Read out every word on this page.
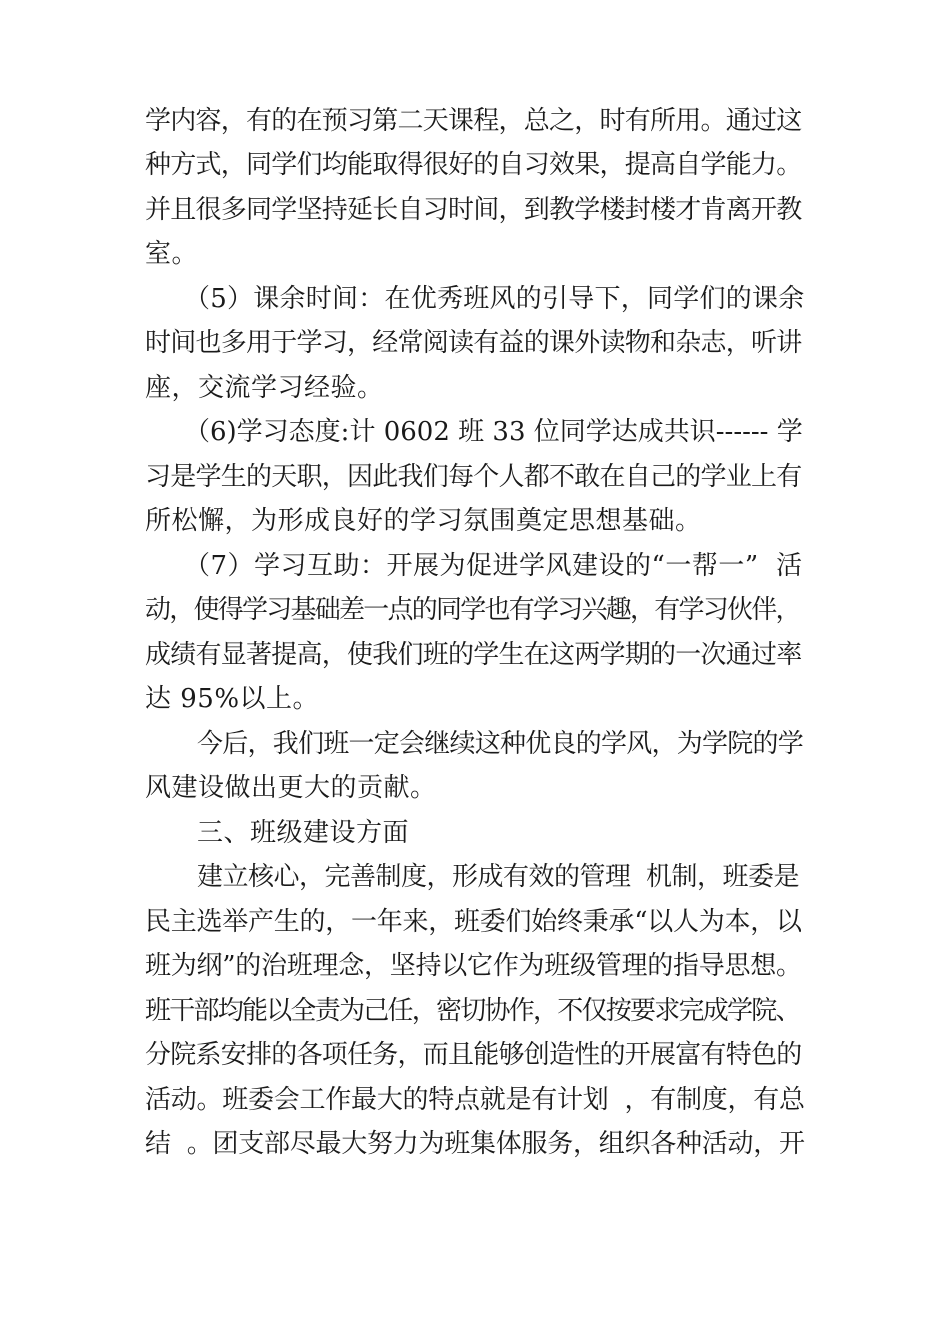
学内容，有的在预习第二天课程，总之，时有所用。通过这
种方式，同学们均能取得很好的自习效果，提高自学能力。
并且很多同学坚持延长自习时间，到教学楼封楼才肯离开教
室。
（5）课余时间：在优秀班风的引导下，同学们的课余
时间也多用于学习，经常阅读有益的课外读物和杂志，听讲
座，交流学习经验。
（6)学习态度:计 0602 班 33 位同学达成共识------ 学
习是学生的天职，因此我们每个人都不敢在自己的学业上有
所松懈，为形成良好的学习氛围奠定思想基础。
（7）学习互助：开展为促进学风建设的“一帮一”  活
动，使得学习基础差一点的同学也有学习兴趣，有学习伙伴，
成绩有显著提高，使我们班的学生在这两学期的一次通过率
达 95%以上。
今后，我们班一定会继续这种优良的学风，为学院的学
风建设做出更大的贡献。
三、班级建设方面
建立核心，完善制度，形成有效的管理  机制，班委是
民主选举产生的，一年来，班委们始终秉承“以人为本，以
班为纲”的治班理念，坚持以它作为班级管理的指导思想。
班干部均能以全责为己任，密切协作，不仅按要求完成学院、
分院系安排的各项任务，而且能够创造性的开展富有特色的
活动。班委会工作最大的特点就是有计划  ，有制度，有总
结  。团支部尽最大努力为班集体服务，组织各种活动，开
